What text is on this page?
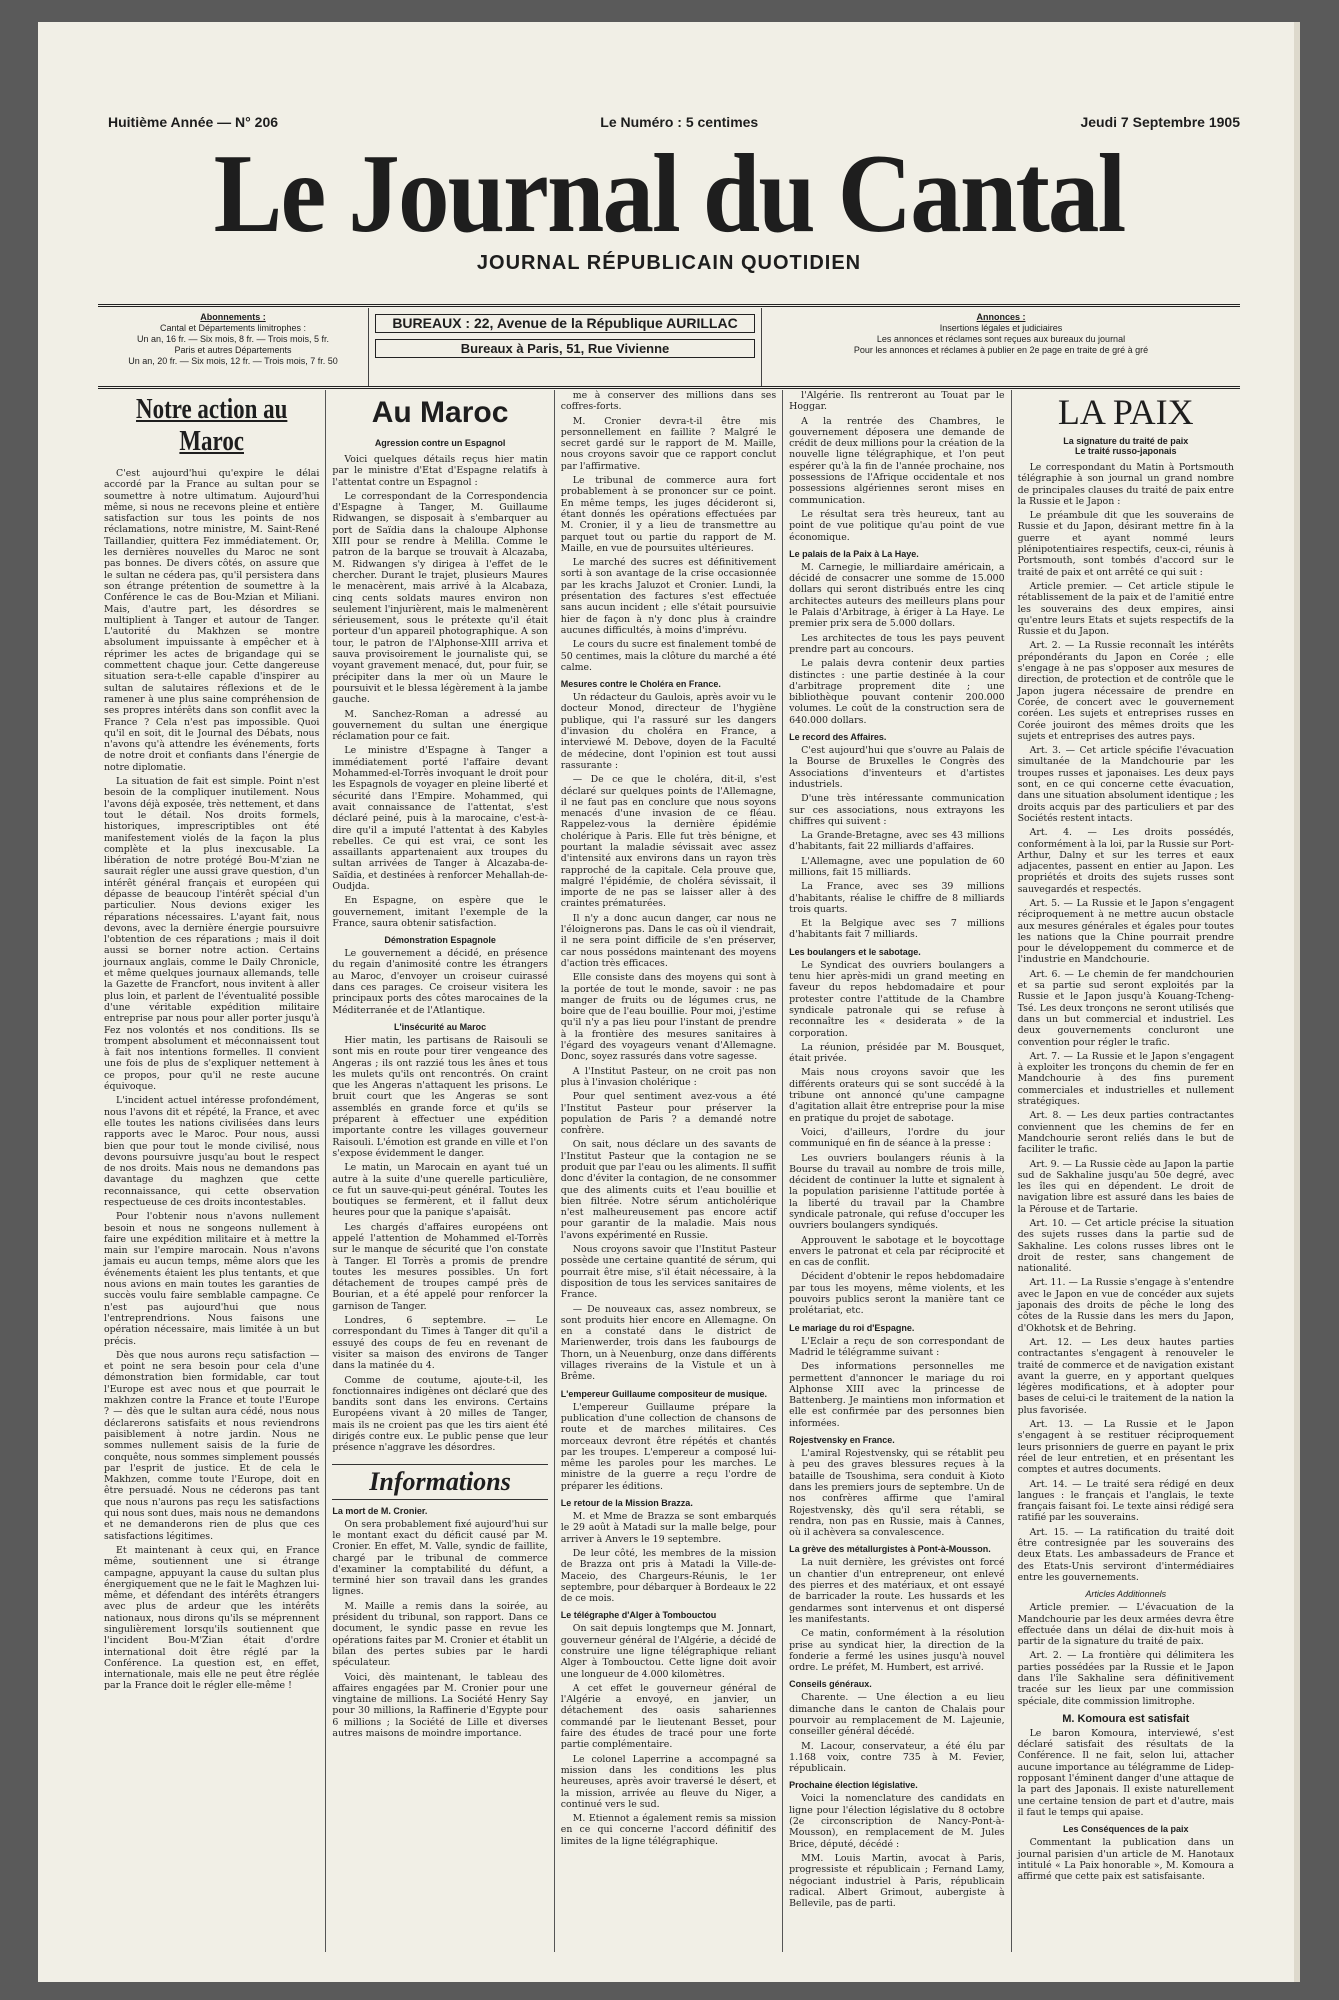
Huitième Année — N° 206	Le Numéro : 5 centimes	Jeudi 7 Septembre 1905
Le Journal du Cantal
JOURNAL RÉPUBLICAIN QUOTIDIEN
Abonnements :
Cantal et Départements limitrophes :
Un an, 16 fr. — Six mois, 8 fr. — Trois mois, 5 fr.
Paris et autres Départements
Un an, 20 fr. — Six mois, 12 fr. — Trois mois, 7 fr. 50
BUREAUX : 22, Avenue de la République AURILLAC
Bureaux à Paris, 51, Rue Vivienne
Annonces :
Insertions légales et judiciaires
Les annonces et réclames sont reçues aux bureaux du journal
Pour les annonces et réclames à publier en 2e page en traite de gré à gré
Notre action au Maroc

C'est aujourd'hui qu'expire le délai accordé par la France au sultan pour se soumettre à notre ultimatum. Aujourd'hui même, si nous ne recevons pleine et entière satisfaction sur tous les points de nos réclamations, notre ministre, M. Saint-René Taillandier, quittera Fez immédiatement. Or, les dernières nouvelles du Maroc ne sont pas bonnes. De divers côtés, on assure que le sultan ne cédera pas, qu'il persistera dans son étrange prétention de soumettre à la Conférence le cas de Bou-Mzian et Miliani. Mais, d'autre part, les désordres se multiplient à Tanger et autour de Tanger. L'autorité du Makhzen se montre absolument impuissante à empêcher et à réprimer les actes de brigandage qui se commettent chaque jour. Cette dangereuse situation sera-t-elle capable d'inspirer au sultan de salutaires réflexions et de le ramener à une plus saine compréhension de ses propres intérêts dans son conflit avec la France ? Cela n'est pas impossible. Quoi qu'il en soit, dit le Journal des Débats, nous n'avons qu'à attendre les événements, forts de notre droit et confiants dans l'énergie de notre diplomatie.

La situation de fait est simple. Point n'est besoin de la compliquer inutilement. Nous l'avons déjà exposée, très nettement, et dans tout le détail. Nos droits formels, historiques, imprescriptibles ont été manifestement violés de la façon la plus complète et la plus inexcusable. La libération de notre protégé Bou-M'zian ne saurait régler une aussi grave question, d'un intérêt général français et européen qui dépasse de beaucoup l'intérêt spécial d'un particulier. Nous devions exiger les réparations nécessaires. L'ayant fait, nous devons, avec la dernière énergie poursuivre l'obtention de ces réparations ; mais il doit aussi se borner notre action. Certains journaux anglais, comme le Daily Chronicle, et même quelques journaux allemands, telle la Gazette de Francfort, nous invitent à aller plus loin, et parlent de l'éventualité possible d'une véritable expédition militaire entreprise par nous pour aller porter jusqu'à Fez nos volontés et nos conditions. Ils se trompent absolument et méconnaissent tout à fait nos intentions formelles. Il convient une fois de plus de s'expliquer nettement à ce propos, pour qu'il ne reste aucune équivoque.

L'incident actuel intéresse profondément, nous l'avons dit et répété, la France, et avec elle toutes les nations civilisées dans leurs rapports avec le Maroc. Pour nous, aussi bien que pour tout le monde civilisé, nous devons poursuivre jusqu'au bout le respect de nos droits. Mais nous ne demandons pas davantage du maghzen que cette reconnaissance, qui cette observation respectueuse de ces droits incontestables.

Pour l'obtenir nous n'avons nullement besoin et nous ne songeons nullement à faire une expédition militaire et à mettre la main sur l'empire marocain. Nous n'avons jamais eu aucun temps, même alors que les événements étaient les plus tentants, et que nous avions en main toutes les garanties de succès voulu faire semblable campagne. Ce n'est pas aujourd'hui que nous l'entreprendrions. Nous faisons une opération nécessaire, mais limitée à un but précis.

Dès que nous aurons reçu satisfaction — et point ne sera besoin pour cela d'une démonstration bien formidable, car tout l'Europe est avec nous et que pourrait le makhzen contre la France et toute l'Europe ? — dès que le sultan aura cédé, nous nous déclarerons satisfaits et nous reviendrons paisiblement à notre jardin. Nous ne sommes nullement saisis de la furie de conquête, nous sommes simplement poussés par l'esprit de justice. Et de cela le Makhzen, comme toute l'Europe, doit en être persuadé. Nous ne céderons pas tant que nous n'aurons pas reçu les satisfactions qui nous sont dues, mais nous ne demandons et ne demanderons rien de plus que ces satisfactions légitimes.

Et maintenant à ceux qui, en France même, soutiennent une si étrange campagne, appuyant la cause du sultan plus énergiquement que ne le fait le Maghzen lui-même, et défendant des intérêts étrangers avec plus de ardeur que les intérêts nationaux, nous dirons qu'ils se méprennent singulièrement lorsqu'ils soutiennent que l'incident Bou-M'Zian était d'ordre international doit être réglé par la Conférence. La question est, en effet, internationale, mais elle ne peut être réglée par la France doit le régler elle-même !

Au Maroc
Agression contre un Espagnol

Voici quelques détails reçus hier matin par le ministre d'Etat d'Espagne relatifs à l'attentat contre un Espagnol :

Le correspondant de la Correspondencia d'Espagne à Tanger, M. Guillaume Ridwangen, se disposait à s'embarquer au port de Saïdia dans la chaloupe Alphonse XIII pour se rendre à Melilla. Comme le patron de la barque se trouvait à Alcazaba, M. Ridwangen s'y dirigea à l'effet de le chercher. Durant le trajet, plusieurs Maures le menacèrent, mais arrivé à la Alcabaza, cinq cents soldats maures environ non seulement l'injurièrent, mais le malmenèrent sérieusement, sous le prétexte qu'il était porteur d'un appareil photographique. A son tour, le patron de l'Alphonse-XIII arriva et sauva provisoirement le journaliste qui, se voyant gravement menacé, dut, pour fuir, se précipiter dans la mer où un Maure le poursuivit et le blessa légèrement à la jambe gauche.

M. Sanchez-Roman a adressé au gouvernement du sultan une énergique réclamation pour ce fait.

Le ministre d'Espagne à Tanger a immédiatement porté l'affaire devant Mohammed-el-Torrès invoquant le droit pour les Espagnols de voyager en pleine liberté et sécurité dans l'Empire. Mohammed, qui avait connaissance de l'attentat, s'est déclaré peiné, puis à la marocaine, c'est-à-dire qu'il a imputé l'attentat à des Kabyles rebelles. Ce qui est vrai, ce sont les assaillants appartenaient aux troupes du sultan arrivées de Tanger à Alcazaba-de-Saïdia, et destinées à renforcer Mehallah-de-Oudjda.

En Espagne, on espère que le gouvernement, imitant l'exemple de la France, saura obtenir satisfaction.

Démonstration Espagnole

Le gouvernement a décidé, en présence du regain d'animosité contre les étrangers au Maroc, d'envoyer un croiseur cuirassé dans ces parages. Ce croiseur visitera les principaux ports des côtes marocaines de la Méditerranée et de l'Atlantique.

L'insécurité au Maroc

Hier matin, les partisans de Raisouli se sont mis en route pour tirer vengeance des Angeras ; ils ont razzié tous les ânes et tous les mulets qu'ils ont rencontrés. On craint que les Angeras n'attaquent les prisons. Le bruit court que les Angeras se sont assemblés en grande force et qu'ils se préparent à effectuer une expédition importante contre les villages gouverneur Raisouli. L'émotion est grande en ville et l'on s'expose évidemment le danger.

Le matin, un Marocain en ayant tué un autre à la suite d'une querelle particulière, ce fut un sauve-qui-peut général. Toutes les boutiques se fermèrent, et il fallut deux heures pour que la panique s'apaisât.

Les chargés d'affaires européens ont appelé l'attention de Mohammed el-Torrès sur le manque de sécurité que l'on constate à Tanger. El Torrès a promis de prendre toutes les mesures possibles. Un fort détachement de troupes campé près de Bourian, et a été appelé pour renforcer la garnison de Tanger.

Londres, 6 septembre. — Le correspondant du Times à Tanger dit qu'il a essuyé des coups de feu en revenant de visiter sa maison des environs de Tanger dans la matinée du 4.

Comme de coutume, ajoute-t-il, les fonctionnaires indigènes ont déclaré que des bandits sont dans les environs. Certains Européens vivant à 20 milles de Tanger, mais ils ne croient pas que les tirs aient été dirigés contre eux. Le public pense que leur présence n'aggrave les désordres.

Informations
La mort de M. Cronier.

On sera probablement fixé aujourd'hui sur le montant exact du déficit causé par M. Cronier. En effet, M. Valle, syndic de faillite, chargé par le tribunal de commerce d'examiner la comptabilité du défunt, a terminé hier son travail dans les grandes lignes.

M. Maille a remis dans la soirée, au président du tribunal, son rapport. Dans ce document, le syndic passe en revue les opérations faites par M. Cronier et établit un bilan des pertes subies par le hardi spéculateur.

Voici, dès maintenant, le tableau des affaires engagées par M. Cronier pour une vingtaine de millions. La Société Henry Say pour 30 millions, la Raffinerie d'Egypte pour 6 millions ; la Société de Lille et diverses autres maisons de moindre importance.

me à conserver des millions dans ses coffres-forts.

M. Cronier devra-t-il être mis personnellement en faillite ? Malgré le secret gardé sur le rapport de M. Maille, nous croyons savoir que ce rapport conclut par l'affirmative.

Le tribunal de commerce aura fort probablement à se prononcer sur ce point. En même temps, les juges décideront si, étant donnés les opérations effectuées par M. Cronier, il y a lieu de transmettre au parquet tout ou partie du rapport de M. Maille, en vue de poursuites ultérieures.

Le marché des sucres est définitivement sorti à son avantage de la crise occasionnée par les krachs Jaluzot et Cronier. Lundi, la présentation des factures s'est effectuée sans aucun incident ; elle s'était poursuivie hier de façon à n'y donc plus à craindre aucunes difficultés, à moins d'imprévu.

Le cours du sucre est finalement tombé de 50 centimes, mais la clôture du marché a été calme.

Mesures contre le Choléra en France.

Un rédacteur du Gaulois, après avoir vu le docteur Monod, directeur de l'hygiène publique, qui l'a rassuré sur les dangers d'invasion du choléra en France, a interviewé M. Debove, doyen de la Faculté de médecine, dont l'opinion est tout aussi rassurante :

— De ce que le choléra, dit-il, s'est déclaré sur quelques points de l'Allemagne, il ne faut pas en conclure que nous soyons menacés d'une invasion de ce fléau. Rappelez-vous la dernière épidémie cholérique à Paris. Elle fut très bénigne, et pourtant la maladie sévissait avec assez d'intensité aux environs dans un rayon très rapproché de la capitale. Cela prouve que, malgré l'épidémie, de choléra sévissait, il importe de ne pas se laisser aller à des craintes prématurées.

Il n'y a donc aucun danger, car nous ne l'éloignerons pas. Dans le cas où il viendrait, il ne sera point difficile de s'en préserver, car nous possédons maintenant des moyens d'action très efficaces.

Elle consiste dans des moyens qui sont à la portée de tout le monde, savoir : ne pas manger de fruits ou de légumes crus, ne boire que de l'eau bouillie. Pour moi, j'estime qu'il n'y a pas lieu pour l'instant de prendre à la frontière des mesures sanitaires à l'égard des voyageurs venant d'Allemagne. Donc, soyez rassurés dans votre sagesse.

A l'Institut Pasteur, on ne croit pas non plus à l'invasion cholérique :

Pour quel sentiment avez-vous a été l'Institut Pasteur pour préserver la population de Paris ? a demandé notre confrère.

On sait, nous déclare un des savants de l'Institut Pasteur que la contagion ne se produit que par l'eau ou les aliments. Il suffit donc d'éviter la contagion, de ne consommer que des aliments cuits et l'eau bouillie et bien filtrée. Notre sérum anticholérique n'est malheureusement pas encore actif pour garantir de la maladie. Mais nous l'avons expérimenté en Russie.

Nous croyons savoir que l'Institut Pasteur possède une certaine quantité de sérum, qui pourrait être mise, s'il était nécessaire, à la disposition de tous les services sanitaires de France.

— De nouveaux cas, assez nombreux, se sont produits hier encore en Allemagne. On en a constaté dans le district de Marienwerder, trois dans les faubourgs de Thorn, un à Neuenburg, onze dans différents villages riverains de la Vistule et un à Brême.

L'empereur Guillaume compositeur de musique.

L'empereur Guillaume prépare la publication d'une collection de chansons de route et de marches militaires. Ces morceaux devront être répétés et chantés par les troupes. L'empereur a composé lui-même les paroles pour les marches. Le ministre de la guerre a reçu l'ordre de préparer les éditions.

Le retour de la Mission Brazza.

M. et Mme de Brazza se sont embarqués le 29 août à Matadi sur la malle belge, pour arriver à Anvers le 19 septembre.

De leur côté, les membres de la mission de Brazza ont pris à Matadi la Ville-de-Maceio, des Chargeurs-Réunis, le 1er septembre, pour débarquer à Bordeaux le 22 de ce mois.

Le télégraphe d'Alger à Tombouctou

On sait depuis longtemps que M. Jonnart, gouverneur général de l'Algérie, a décidé de construire une ligne télégraphique reliant Alger à Tombouctou. Cette ligne doit avoir une longueur de 4.000 kilomètres.

A cet effet le gouverneur général de l'Algérie a envoyé, en janvier, un détachement des oasis sahariennes commandé par le lieutenant Besset, pour faire des études de tracé pour une forte partie complémentaire.

Le colonel Laperrine a accompagné sa mission dans les conditions les plus heureuses, après avoir traversé le désert, et la mission, arrivée au fleuve du Niger, a continué vers le sud.

M. Etiennot a également remis sa mission en ce qui concerne l'accord définitif des limites de la ligne télégraphique.

l'Algérie. Ils rentreront au Touat par le Hoggar.

A la rentrée des Chambres, le gouvernement déposera une demande de crédit de deux millions pour la création de la nouvelle ligne télégraphique, et l'on peut espérer qu'à la fin de l'année prochaine, nos possessions de l'Afrique occidentale et nos possessions algériennes seront mises en communication.

Le résultat sera très heureux, tant au point de vue politique qu'au point de vue économique.

Le palais de la Paix à La Haye.

M. Carnegie, le milliardaire américain, a décidé de consacrer une somme de 15.000 dollars qui seront distribués entre les cinq architectes auteurs des meilleurs plans pour le Palais d'Arbitrage, à ériger à La Haye. Le premier prix sera de 5.000 dollars.

Les architectes de tous les pays peuvent prendre part au concours.

Le palais devra contenir deux parties distinctes : une partie destinée à la cour d'arbitrage proprement dite ; une bibliothèque pouvant contenir 200.000 volumes. Le coût de la construction sera de 640.000 dollars.

Le record des Affaires.

C'est aujourd'hui que s'ouvre au Palais de la Bourse de Bruxelles le Congrès des Associations d'inventeurs et d'artistes industriels.

D'une très intéressante communication sur ces associations, nous extrayons les chiffres qui suivent :

La Grande-Bretagne, avec ses 43 millions d'habitants, fait 22 milliards d'affaires.

L'Allemagne, avec une population de 60 millions, fait 15 milliards.

La France, avec ses 39 millions d'habitants, réalise le chiffre de 8 milliards trois quarts.

Et la Belgique avec ses 7 millions d'habitants fait 7 milliards.

Les boulangers et le sabotage.

Le Syndicat des ouvriers boulangers a tenu hier après-midi un grand meeting en faveur du repos hebdomadaire et pour protester contre l'attitude de la Chambre syndicale patronale qui se refuse à reconnaître les « desiderata » de la corporation.

La réunion, présidée par M. Bousquet, était privée.

Mais nous croyons savoir que les différents orateurs qui se sont succédé à la tribune ont annoncé qu'une campagne d'agitation allait être entreprise pour la mise en pratique du projet de sabotage.

Voici, d'ailleurs, l'ordre du jour communiqué en fin de séance à la presse :

Les ouvriers boulangers réunis à la Bourse du travail au nombre de trois mille, décident de continuer la lutte et signalent à la population parisienne l'attitude portée à la liberté du travail par la Chambre syndicale patronale, qui refuse d'occuper les ouvriers boulangers syndiqués.

Approuvent le sabotage et le boycottage envers le patronat et cela par réciprocité et en cas de conflit.

Décident d'obtenir le repos hebdomadaire par tous les moyens, même violents, et les pouvoirs publics seront la manière tant ce prolétariat, etc.

Le mariage du roi d'Espagne.

L'Eclair a reçu de son correspondant de Madrid le télégramme suivant :

Des informations personnelles me permettent d'annoncer le mariage du roi Alphonse XIII avec la princesse de Battenberg. Je maintiens mon information et elle est confirmée par des personnes bien informées.

Rojestvensky en France.

L'amiral Rojestvensky, qui se rétablit peu à peu des graves blessures reçues à la bataille de Tsoushima, sera conduit à Kioto dans les premiers jours de septembre. Un de nos confrères affirme que l'amiral Rojestvensky, dès qu'il sera rétabli, se rendra, non pas en Russie, mais à Cannes, où il achèvera sa convalescence.

La grève des métallurgistes à Pont-à-Mousson.

La nuit dernière, les grévistes ont forcé un chantier d'un entrepreneur, ont enlevé des pierres et des matériaux, et ont essayé de barricader la route. Les hussards et les gendarmes sont intervenus et ont dispersé les manifestants.

Ce matin, conformément à la résolution prise au syndicat hier, la direction de la fonderie a fermé les usines jusqu'à nouvel ordre. Le préfet, M. Humbert, est arrivé.

Conseils généraux.

Charente. — Une élection a eu lieu dimanche dans le canton de Chalais pour pourvoir au remplacement de M. Lajeunie, conseiller général décédé.

M. Lacour, conservateur, a été élu par 1.168 voix, contre 735 à M. Fevier, républicain.

Prochaine élection législative.

Voici la nomenclature des candidats en ligne pour l'élection législative du 8 octobre (2e circonscription de Nancy-Pont-à-Mousson), en remplacement de M. Jules Brice, député, décédé :

MM. Louis Martin, avocat à Paris, progressiste et républicain ; Fernand Lamy, négociant industriel à Paris, républicain radical. Albert Grimout, aubergiste à Bellevile, pas de parti.

LA PAIX
La signature du traité de paix
Le traité russo-japonais

Le correspondant du Matin à Portsmouth télégraphie à son journal un grand nombre de principales clauses du traité de paix entre la Russie et le Japon :

Le préambule dit que les souverains de Russie et du Japon, désirant mettre fin à la guerre et ayant nommé leurs plénipotentiaires respectifs, ceux-ci, réunis à Portsmouth, sont tombés d'accord sur le traité de paix et ont arrêté ce qui suit :

Article premier. — Cet article stipule le rétablissement de la paix et de l'amitié entre les souverains des deux empires, ainsi qu'entre leurs Etats et sujets respectifs de la Russie et du Japon.

Art. 2. — La Russie reconnaît les intérêts prépondérants du Japon en Corée ; elle s'engage à ne pas s'opposer aux mesures de direction, de protection et de contrôle que le Japon jugera nécessaire de prendre en Corée, de concert avec le gouvernement coréen. Les sujets et entreprises russes en Corée jouiront des mêmes droits que les sujets et entreprises des autres pays.

Art. 3. — Cet article spécifie l'évacuation simultanée de la Mandchourie par les troupes russes et japonaises. Les deux pays sont, en ce qui concerne cette évacuation, dans une situation absolument identique ; les droits acquis par des particuliers et par des Sociétés restent intacts.

Art. 4. — Les droits possédés, conformément à la loi, par la Russie sur Port-Arthur, Dalny et sur les terres et eaux adjacentes, passent en entier au Japon. Les propriétés et droits des sujets russes sont sauvegardés et respectés.

Art. 5. — La Russie et le Japon s'engagent réciproquement à ne mettre aucun obstacle aux mesures générales et égales pour toutes les nations que la Chine pourrait prendre pour le développement du commerce et de l'industrie en Mandchourie.

Art. 6. — Le chemin de fer mandchourien et sa partie sud seront exploités par la Russie et le Japon jusqu'à Kouang-Tcheng-Tsé. Les deux tronçons ne seront utilisés que dans un but commercial et industriel. Les deux gouvernements concluront une convention pour régler le trafic.

Art. 7. — La Russie et le Japon s'engagent à exploiter les tronçons du chemin de fer en Mandchourie à des fins purement commerciales et industrielles et nullement stratégiques.

Art. 8. — Les deux parties contractantes conviennent que les chemins de fer en Mandchourie seront reliés dans le but de faciliter le trafic.

Art. 9. — La Russie cède au Japon la partie sud de Sakhaline jusqu'au 50e degré, avec les îles qui en dépendent. Le droit de navigation libre est assuré dans les baies de la Pérouse et de Tartarie.

Art. 10. — Cet article précise la situation des sujets russes dans la partie sud de Sakhaline. Les colons russes libres ont le droit de rester, sans changement de nationalité.

Art. 11. — La Russie s'engage à s'entendre avec le Japon en vue de concéder aux sujets japonais des droits de pêche le long des côtes de la Russie dans les mers du Japon, d'Okhotsk et de Behring.

Art. 12. — Les deux hautes parties contractantes s'engagent à renouveler le traité de commerce et de navigation existant avant la guerre, en y apportant quelques légères modifications, et à adopter pour bases de celui-ci le traitement de la nation la plus favorisée.

Art. 13. — La Russie et le Japon s'engagent à se restituer réciproquement leurs prisonniers de guerre en payant le prix réel de leur entretien, et en présentant les comptes et autres documents.

Art. 14. — Le traité sera rédigé en deux langues : le français et l'anglais, le texte français faisant foi. Le texte ainsi rédigé sera ratifié par les souverains.

Art. 15. — La ratification du traité doit être contresignée par les souverains des deux Etats. Les ambassadeurs de France et des Etats-Unis serviront d'intermédiaires entre les gouvernements.

Articles Additionnels

Article premier. — L'évacuation de la Mandchourie par les deux armées devra être effectuée dans un délai de dix-huit mois à partir de la signature du traité de paix.

Art. 2. — La frontière qui délimitera les parties possédées par la Russie et le Japon dans l'île Sakhaline sera définitivement tracée sur les lieux par une commission spéciale, dite commission limitrophe.

M. Komoura est satisfait

Le baron Komoura, interviewé, s'est déclaré satisfait des résultats de la Conférence. Il ne fait, selon lui, attacher aucune importance au télégramme de Lidep-ropposant l'éminent danger d'une attaque de la part des Japonais. Il existe naturellement une certaine tension de part et d'autre, mais il faut le temps qui apaise.

Les Conséquences de la paix

Commentant la publication dans un journal parisien d'un article de M. Hanotaux intitulé « La Paix honorable », M. Komoura a affirmé que cette paix est satisfaisante.
